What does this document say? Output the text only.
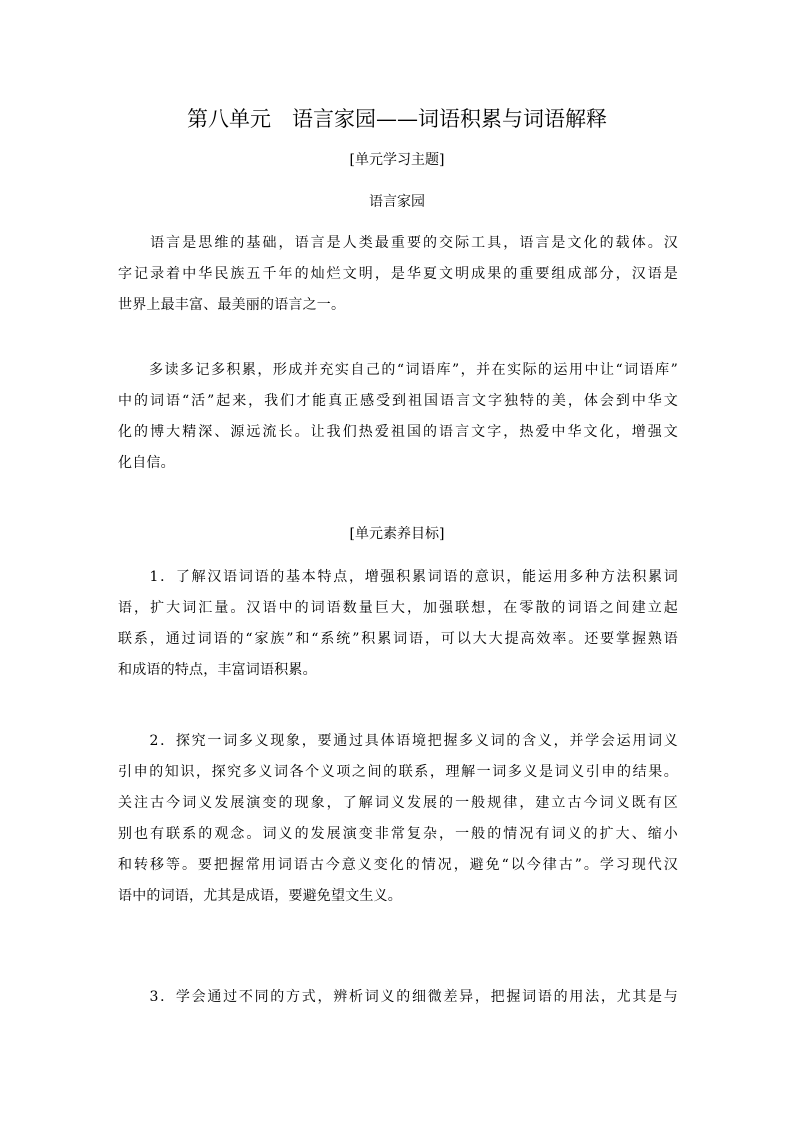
第八单元　语言家园——词语积累与词语解释
[单元学习主题]
语言家园
　　语言是思维的基础，语言是人类最重要的交际工具，语言是文化的载体。汉
字记录着中华民族五千年的灿烂文明，是华夏文明成果的重要组成部分，汉语是
世界上最丰富、最美丽的语言之一。
　　多读多记多积累，形成并充实自己的“词语库”，并在实际的运用中让“词语库”
中的词语“活”起来，我们才能真正感受到祖国语言文字独特的美，体会到中华文
化的博大精深、源远流长。让我们热爱祖国的语言文字，热爱中华文化，增强文
化自信。
[单元素养目标]
　　1．了解汉语词语的基本特点，增强积累词语的意识，能运用多种方法积累词
语，扩大词汇量。汉语中的词语数量巨大，加强联想，在零散的词语之间建立起
联系，通过词语的“家族”和“系统”积累词语，可以大大提高效率。还要掌握熟语
和成语的特点，丰富词语积累。
　　2．探究一词多义现象，要通过具体语境把握多义词的含义，并学会运用词义
引申的知识，探究多义词各个义项之间的联系，理解一词多义是词义引申的结果。
关注古今词义发展演变的现象，了解词义发展的一般规律，建立古今词义既有区
别也有联系的观念。词义的发展演变非常复杂，一般的情况有词义的扩大、缩小
和转移等。要把握常用词语古今意义变化的情况，避免“以今律古”。学习现代汉
语中的词语，尤其是成语，要避免望文生义。
　　3．学会通过不同的方式，辨析词义的细微差异，把握词语的用法，尤其是与
